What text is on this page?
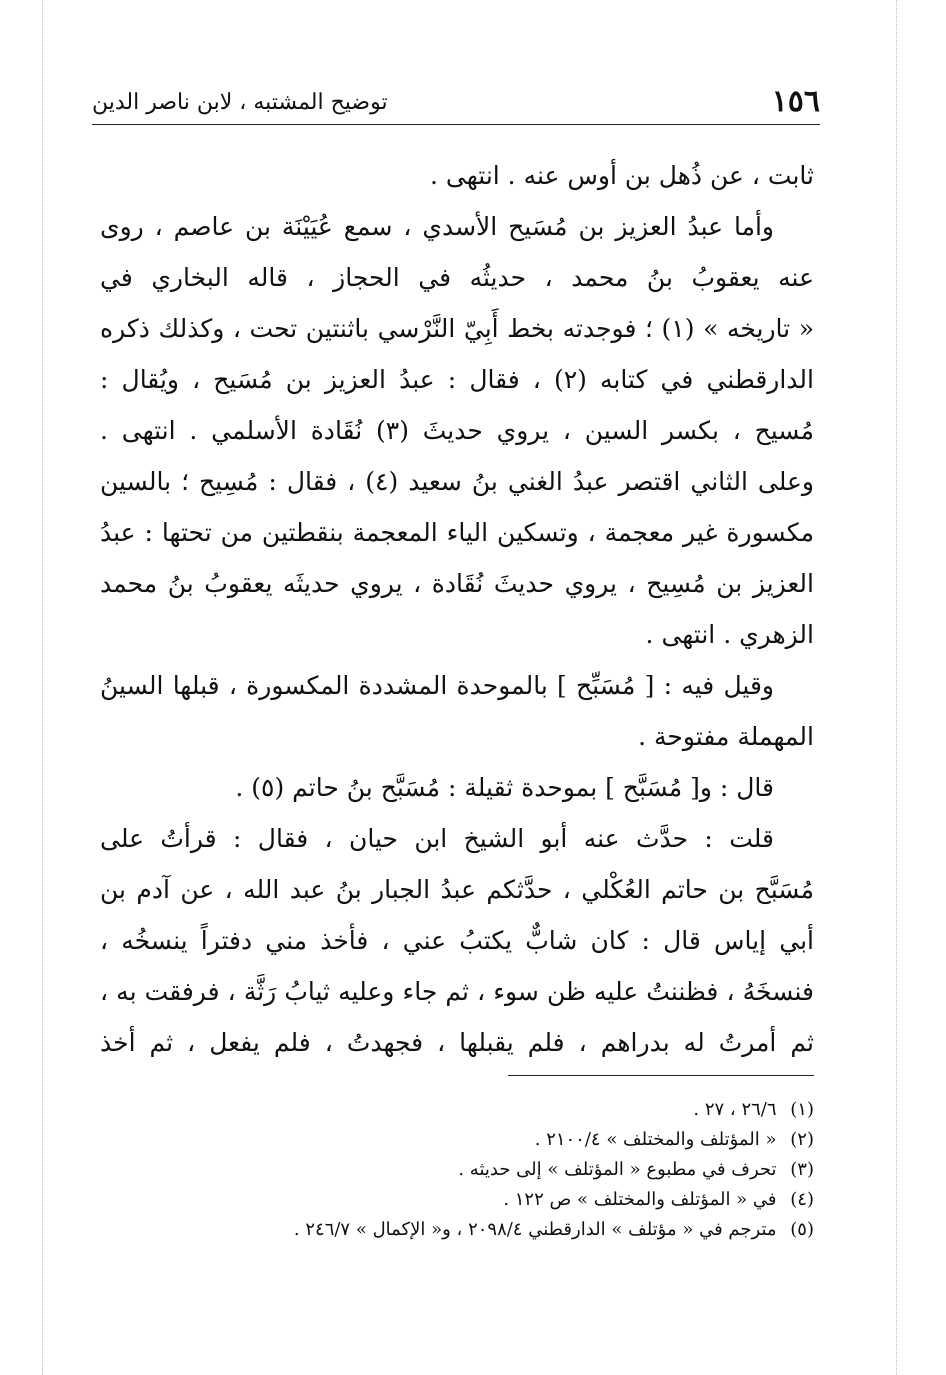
١٥٦
توضيح المشتبه ، لابن ناصر الدين
ثابت ، عن ذُهل بن أوس عنه . انتهى .
وأما عبدُ العزيز بن مُسَيح الأسدي ، سمع عُيَيْنَة بن عاصم ، روى
عنه يعقوبُ بنُ محمد ، حديثُه في الحجاز ، قاله البخاري في
« تاريخه » (١) ؛ فوجدته بخط أَبِيّ النَّرْسي باثنتين تحت ، وكذلك ذكره
الدارقطني في كتابه (٢) ، فقال : عبدُ العزيز بن مُسَيح ، ويُقال :
مُسيح ، بكسر السين ، يروي حديثَ (٣) نُقَادة الأسلمي . انتهى .
وعلى الثاني اقتصر عبدُ الغني بنُ سعيد (٤) ، فقال : مُسِيح ؛ بالسين
مكسورة غير معجمة ، وتسكين الياء المعجمة بنقطتين من تحتها : عبدُ
العزيز بن مُسِيح ، يروي حديثَ نُقَادة ، يروي حديثَه يعقوبُ بنُ محمد
الزهري . انتهى .
وقيل فيه : [ مُسَبِّح ] بالموحدة المشددة المكسورة ، قبلها السينُ
المهملة مفتوحة .
قال : و[ مُسَبَّح ] بموحدة ثقيلة : مُسَبَّح بنُ حاتم (٥) .
قلت : حدَّث عنه أبو الشيخ ابن حيان ، فقال : قرأتُ على
مُسَبَّح بن حاتم العُكْلي ، حدَّثكم عبدُ الجبار بنُ عبد الله ، عن آدم بن
أبي إياس قال : كان شابٌّ يكتبُ عني ، فأخذ مني دفتراً ينسخُه ،
فنسخَهُ ، فظننتُ عليه ظن سوء ، ثم جاء وعليه ثيابُ رَثَّة ، فرفقت به ،
ثم أمرتُ له بدراهم ، فلم يقبلها ، فجهدتُ ، فلم يفعل ، ثم أخذ
(١) ٢٦/٦ ، ٢٧ .
(٢) « المؤتلف والمختلف » ٢١٠٠/٤ .
(٣) تحرف في مطبوع « المؤتلف » إلى حديثه .
(٤) في « المؤتلف والمختلف » ص ١٢٢ .
(٥) مترجم في « مؤتلف » الدارقطني ٢٠٩٨/٤ ، و« الإكمال » ٢٤٦/٧ .
